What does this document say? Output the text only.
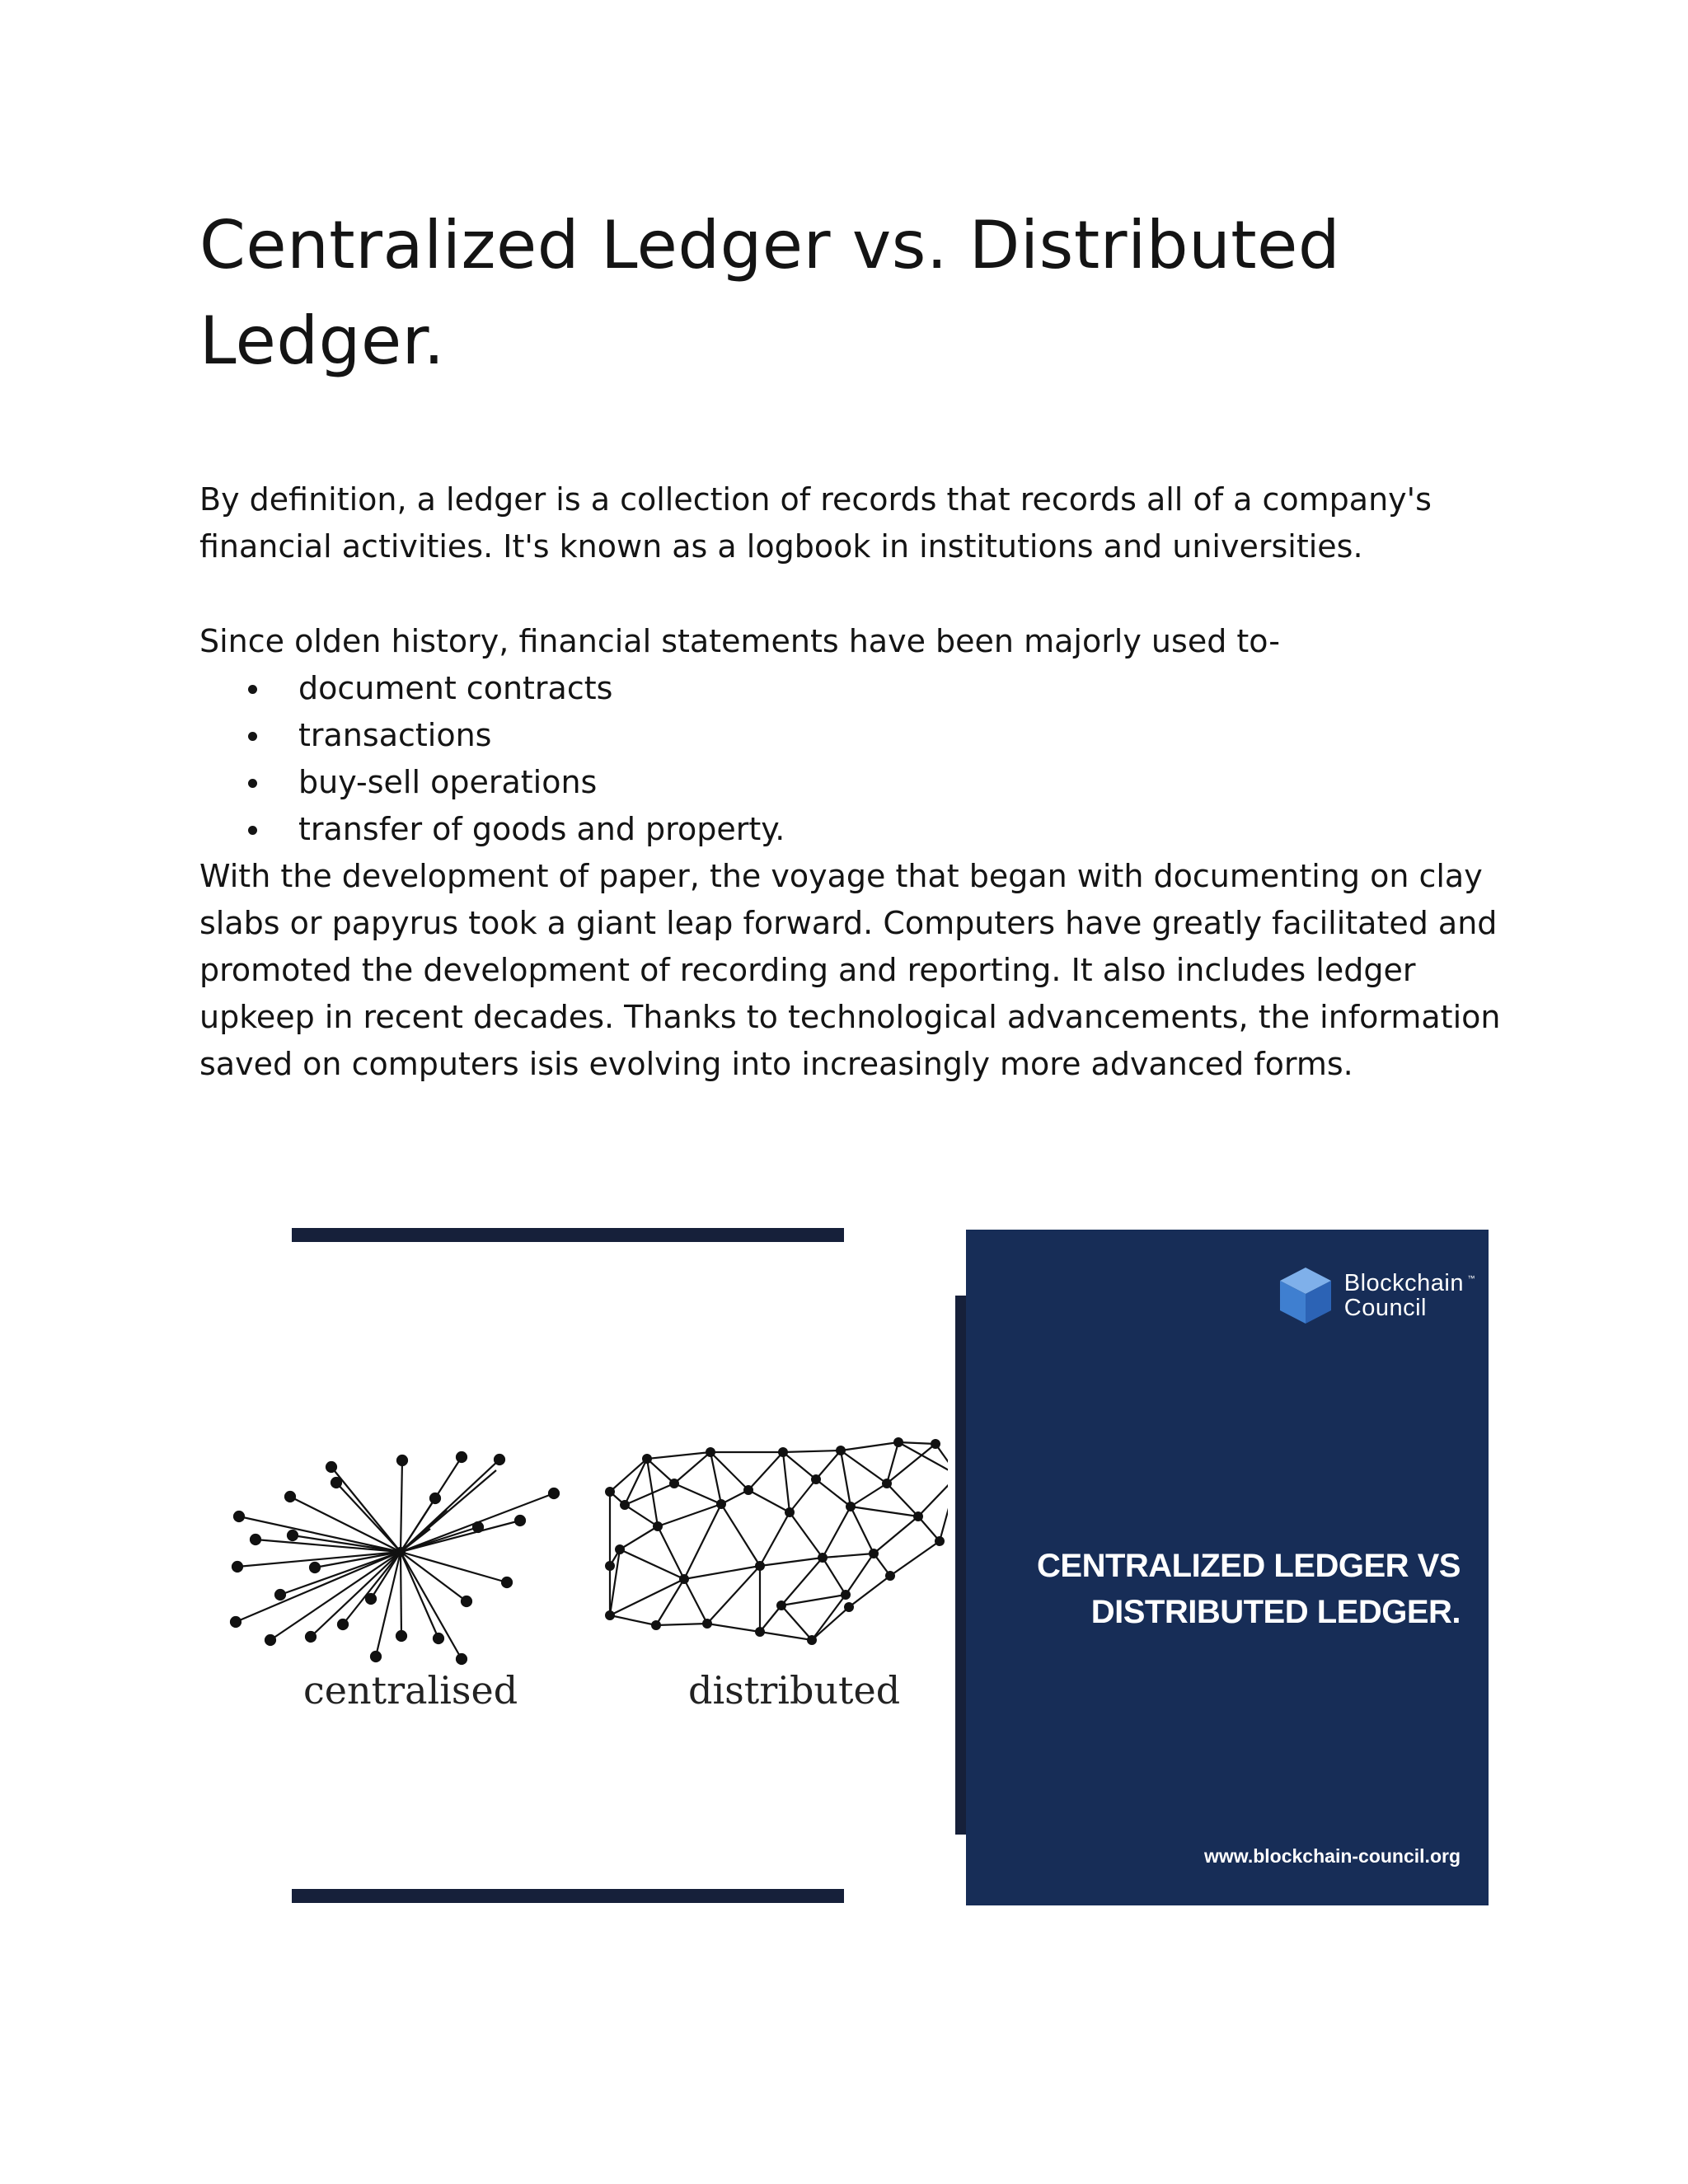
Centralized Ledger vs. Distributed Ledger.

By definition, a ledger is a collection of records that records all of a company's financial activities. It's known as a logbook in institutions and universities.

Since olden history, financial statements have been majorly used to-

document contracts
transactions
buy-sell operations
transfer of goods and property.

With the development of paper, the voyage that began with documenting on clay slabs or papyrus took a giant leap forward. Computers have greatly facilitated and promoted the development of recording and reporting. It also includes ledger upkeep in recent decades. Thanks to technological advancements, the information saved on computers isis evolving into increasingly more advanced forms.

centralised	distributed
Blockchain
Council
™
CENTRALIZED LEDGER VS DISTRIBUTED LEDGER.
www.blockchain-council.org
